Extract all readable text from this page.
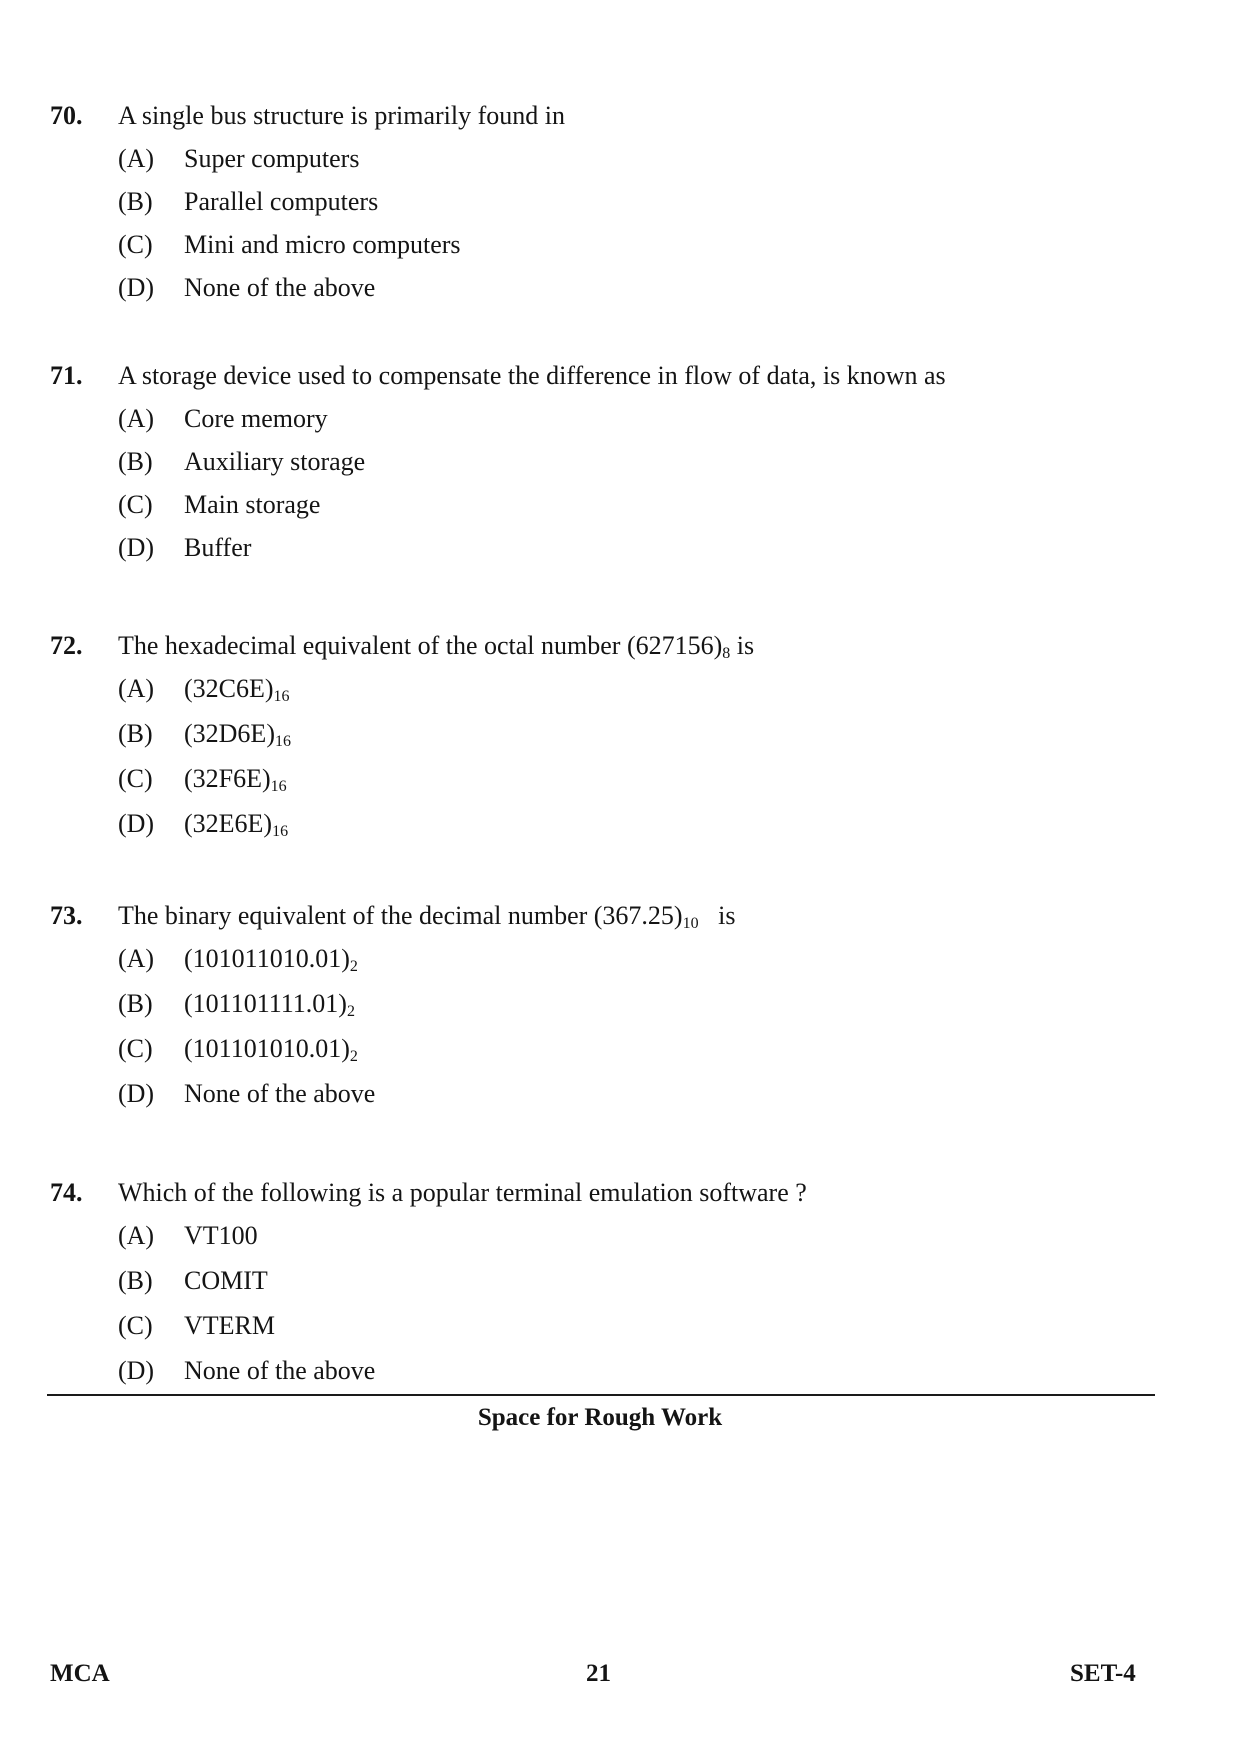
70.	A single bus structure is primarily found in
(A)	Super computers
(B)	Parallel computers
(C)	Mini and micro computers
(D)	None of the above
71.	A storage device used to compensate the difference in flow of data, is known as
(A)	Core memory
(B)	Auxiliary storage
(C)	Main storage
(D)	Buffer
72.	The hexadecimal equivalent of the octal number $(627156)_8$ is
(A)	$(32C6E)_{16}$
(B)	$(32D6E)_{16}$
(C)	$(32F6E)_{16}$
(D)	$(32E6E)_{16}$
73.	The binary equivalent of the decimal number $(367.25)_{10}$   is
(A)	$(101011010.01)_2$
(B)	$(101101111.01)_2$
(C)	$(101101010.01)_2$
(D)	None of the above
74.	Which of the following is a popular terminal emulation software ?
(A)	VT100
(B)	COMIT
(C)	VTERM
(D)	None of the above
Space for Rough Work
MCA	21	SET-4
